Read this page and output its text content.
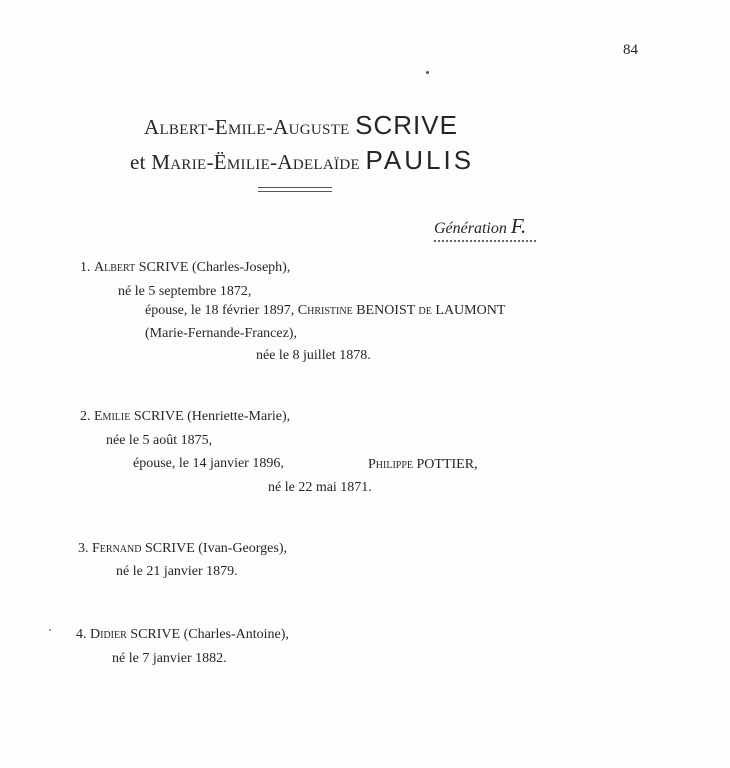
84
Albert-Emile-Auguste SCRIVE
et Marie-Ëmilie-Adelaïde PAULIS
Génération F.
1. Albert SCRIVE (Charles-Joseph),
né le 5 septembre 1872,
épouse, le 18 février 1897, Christine BENOIST de LAUMONT
(Marie-Fernande-Francez),
née le 8 juillet 1878.
2. Emilie SCRIVE (Henriette-Marie),
née le 5 août 1875,
épouse, le 14 janvier 1896,	Philippe POTTIER,
né le 22 mai 1871.
3. Fernand SCRIVE (Ivan-Georges),
né le 21 janvier 1879.
4. Didier SCRIVE (Charles-Antoine),
né le 7 janvier 1882.
